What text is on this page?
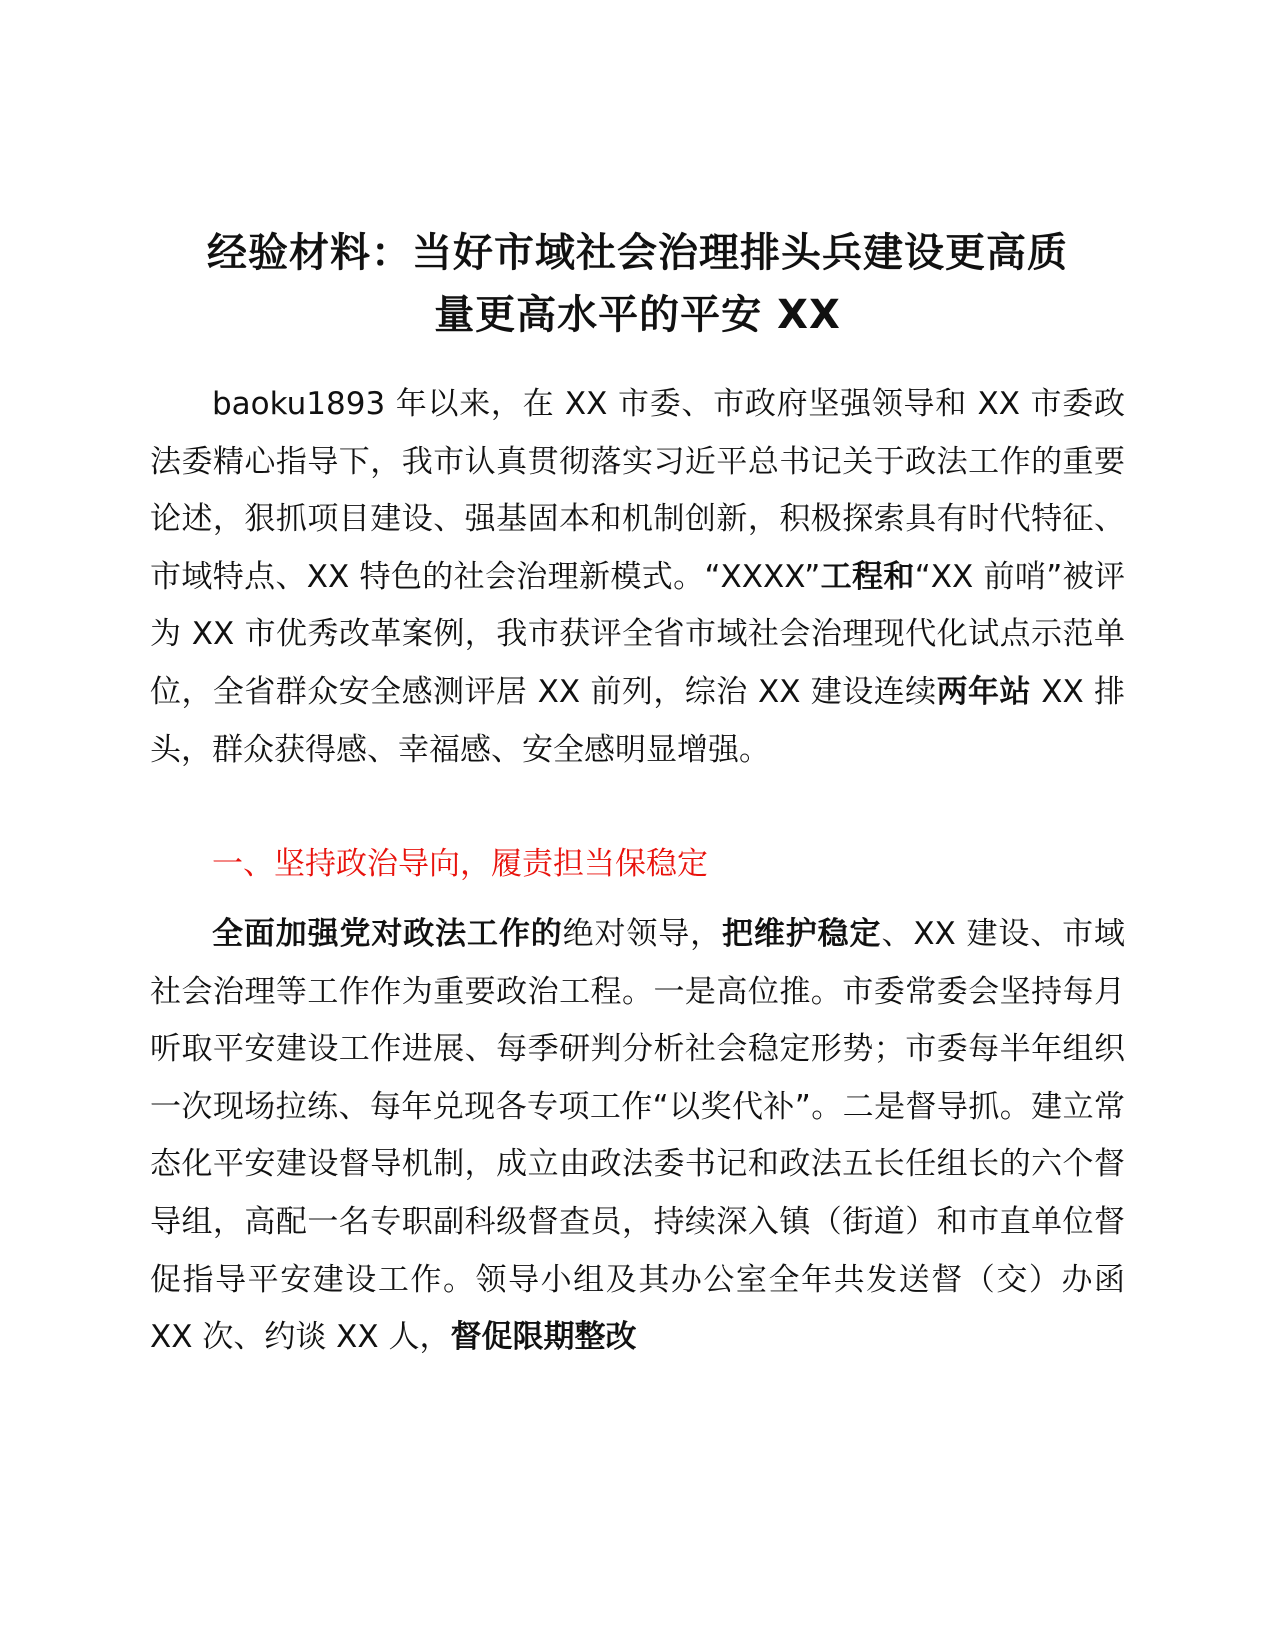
经验材料：当好市域社会治理排头兵建设更高质
量更高水平的平安 XX

baoku1893 年以来，在 XX 市委、市政府坚强领导和 XX 市委政法委精心指导下，我市认真贯彻落实习近平总书记关于政法工作的重要论述，狠抓项目建设、强基固本和机制创新，积极探索具有时代特征、市域特点、XX 特色的社会治理新模式。“XXXX”工程和“XX 前哨”被评为 XX 市优秀改革案例，我市获评全省市域社会治理现代化试点示范单位，全省群众安全感测评居 XX 前列，综治 XX 建设连续两年站 XX 排头，群众获得感、幸福感、安全感明显增强。

一、坚持政治导向，履责担当保稳定

全面加强党对政法工作的绝对领导，把维护稳定、XX 建设、市域社会治理等工作作为重要政治工程。一是高位推。市委常委会坚持每月听取平安建设工作进展、每季研判分析社会稳定形势；市委每半年组织一次现场拉练、每年兑现各专项工作“以奖代补”。二是督导抓。建立常态化平安建设督导机制，成立由政法委书记和政法五长任组长的六个督导组，高配一名专职副科级督查员，持续深入镇（街道）和市直单位督促指导平安建设工作。领导小组及其办公室全年共发送督（交）办函 XX 次、约谈 XX 人，督促限期整改
